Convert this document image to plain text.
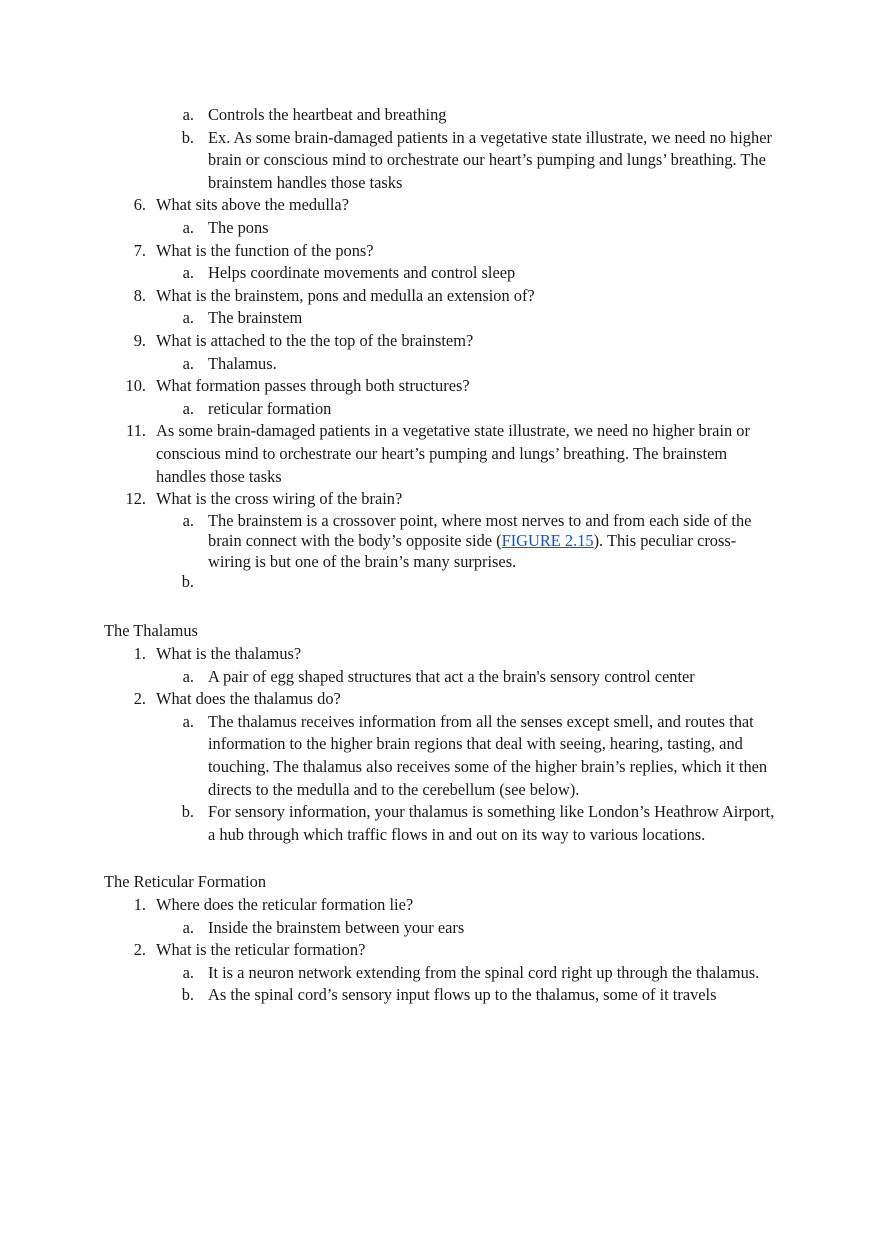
a. Controls the heartbeat and breathing
b. Ex. As some brain-damaged patients in a vegetative state illustrate, we need no higher brain or conscious mind to orchestrate our heart’s pumping and lungs’ breathing. The brainstem handles those tasks
6. What sits above the medulla?
a. The pons
7. What is the function of the pons?
a. Helps coordinate movements and control sleep
8. What is the brainstem, pons and medulla an extension of?
a. The brainstem
9. What is attached to the the top of the brainstem?
a. Thalamus.
10. What formation passes through both structures?
a. reticular formation
11. As some brain-damaged patients in a vegetative state illustrate, we need no higher brain or conscious mind to orchestrate our heart’s pumping and lungs’ breathing. The brainstem handles those tasks
12. What is the cross wiring of the brain?
a. The brainstem is a crossover point, where most nerves to and from each side of the brain connect with the body’s opposite side (FIGURE 2.15). This peculiar cross-wiring is but one of the brain’s many surprises.
b.

The Thalamus
1. What is the thalamus?
a. A pair of egg shaped structures that act a the brain's sensory control center
2. What does the thalamus do?
a. The thalamus receives information from all the senses except smell, and routes that information to the higher brain regions that deal with seeing, hearing, tasting, and touching. The thalamus also receives some of the higher brain’s replies, which it then directs to the medulla and to the cerebellum (see below).
b. For sensory information, your thalamus is something like London’s Heathrow Airport, a hub through which traffic flows in and out on its way to various locations.
The Reticular Formation
1. Where does the reticular formation lie?
a. Inside the brainstem between your ears
2. What is the reticular formation?
a. It is a neuron network extending from the spinal cord right up through the thalamus.
b. As the spinal cord’s sensory input flows up to the thalamus, some of it travels
